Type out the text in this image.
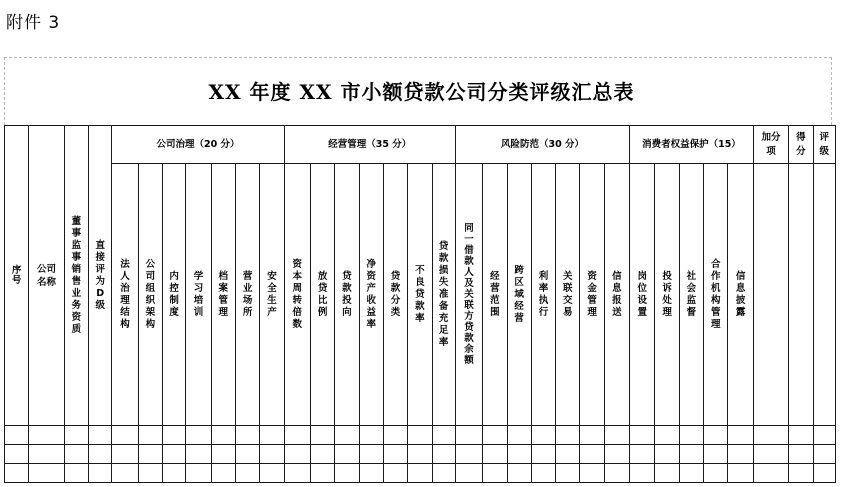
附件 3
XX 年度 XX 市小额贷款公司分类评级汇总表
序号	公司名称	董事监事销售业务资质	直接评为D级	公司治理（20 分）							经营管理（35 分）							风险防范（30 分）							消费者权益保护（15）					加分项	得分	评级
				法人治理结构	公司组织架构	内控制度	学习培训	档案管理	营业场所	安全生产	资本周转倍数	放贷比例	贷款投向	净资产收益率	贷款分类	不良贷款率	贷款损失准备充足率	同一借款人及关联方贷款余额	经营范围	跨区域经营	利率执行	关联交易	资金管理	信息报送	岗位设置	投诉处理	社会监督	合作机构管理	信息披露			
